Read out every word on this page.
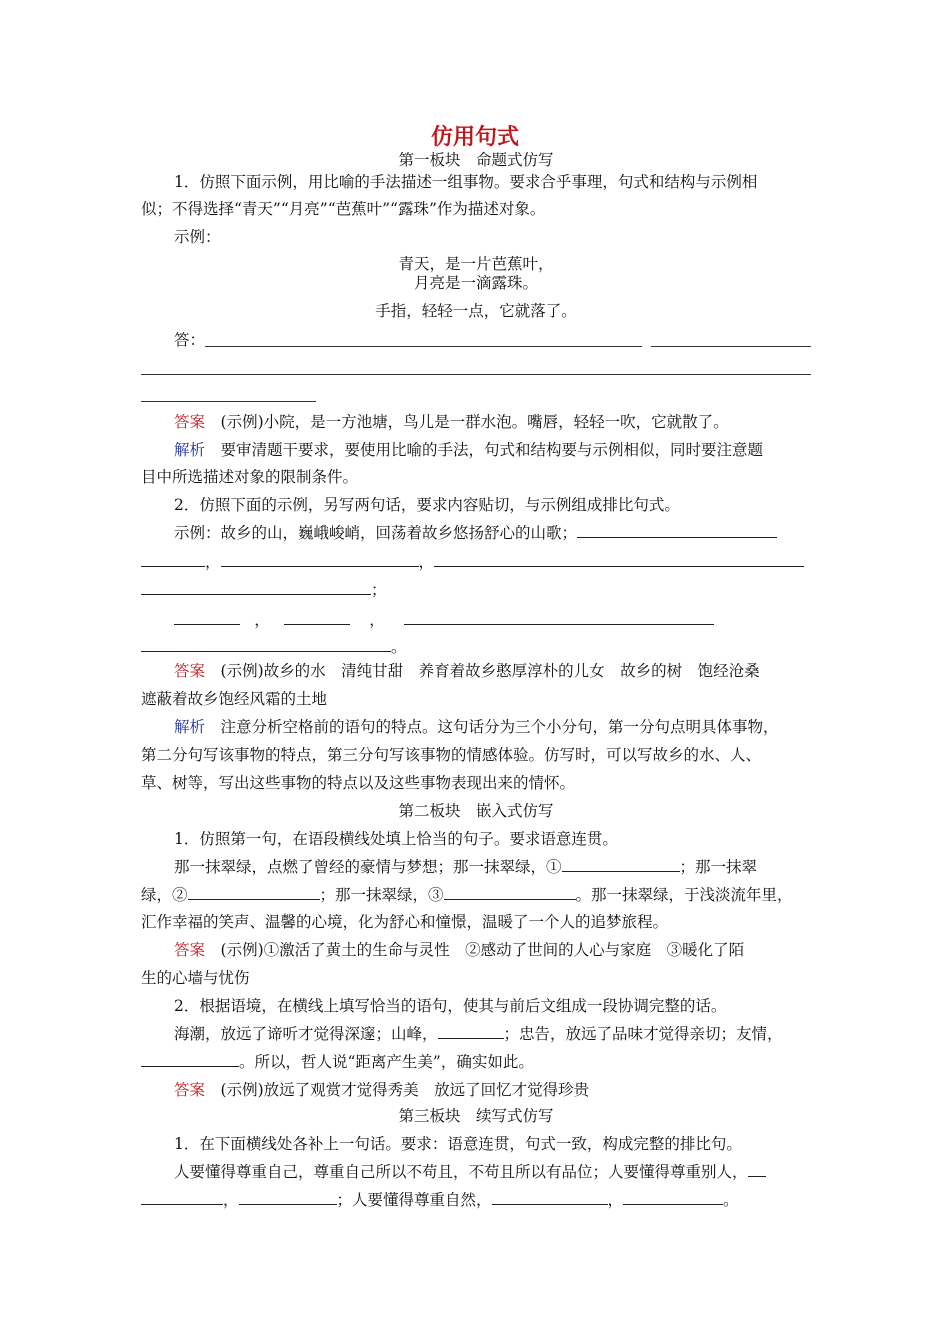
仿用句式
第一板块　命题式仿写
1．仿照下面示例，用比喻的手法描述一组事物。要求合乎事理，句式和结构与示例相
似；不得选择“青天”“月亮”“芭蕉叶”“露珠”作为描述对象。
示例：
青天，是一片芭蕉叶，
月亮是一滴露珠。
手指，轻轻一点，它就落了。
答：
答案　 (示例)小院，是一方池塘，鸟儿是一群水泡。嘴唇，轻轻一吹，它就散了。
解析　 要审清题干要求，要使用比喻的手法，句式和结构要与示例相似，同时要注意题
目中所选描述对象的限制条件。
2．仿照下面的示例，另写两句话，要求内容贴切，与示例组成排比句式。
示例：故乡的山，巍峨峻峭，回荡着故乡悠扬舒心的山歌；
，	，
；
，	，
。
答案　 (示例)故乡的水　清纯甘甜　养育着故乡憨厚淳朴的儿女　故乡的树　饱经沧桑
遮蔽着故乡饱经风霜的土地
解析　 注意分析空格前的语句的特点。这句话分为三个小分句，第一分句点明具体事物，
第二分句写该事物的特点，第三分句写该事物的情感体验。仿写时，可以写故乡的水、人、
草、树等，写出这些事物的特点以及这些事物表现出来的情怀。
第二板块　嵌入式仿写
1．仿照第一句，在语段横线处填上恰当的句子。要求语意连贯。
那一抹翠绿，点燃了曾经的豪情与梦想；那一抹翠绿，①	；那一抹翠
绿，②	；那一抹翠绿，③	。那一抹翠绿，于浅淡流年里，
汇作幸福的笑声、温馨的心境，化为舒心和憧憬，温暖了一个人的追梦旅程。
答案　 (示例)①激活了黄土的生命与灵性　②感动了世间的人心与家庭　③暖化了陌
生的心墙与忧伤
2．根据语境，在横线上填写恰当的语句，使其与前后文组成一段协调完整的话。
海潮，放远了谛听才觉得深邃；山峰，	；忠告，放远了品味才觉得亲切；友情，
。所以，哲人说“距离产生美”，确实如此。
答案　 (示例)放远了观赏才觉得秀美　放远了回忆才觉得珍贵
第三板块　续写式仿写
1．在下面横线处各补上一句话。要求：语意连贯，句式一致，构成完整的排比句。
人要懂得尊重自己，尊重自己所以不苟且，不苟且所以有品位；人要懂得尊重别人，
，	；人要懂得尊重自然，	，	。
